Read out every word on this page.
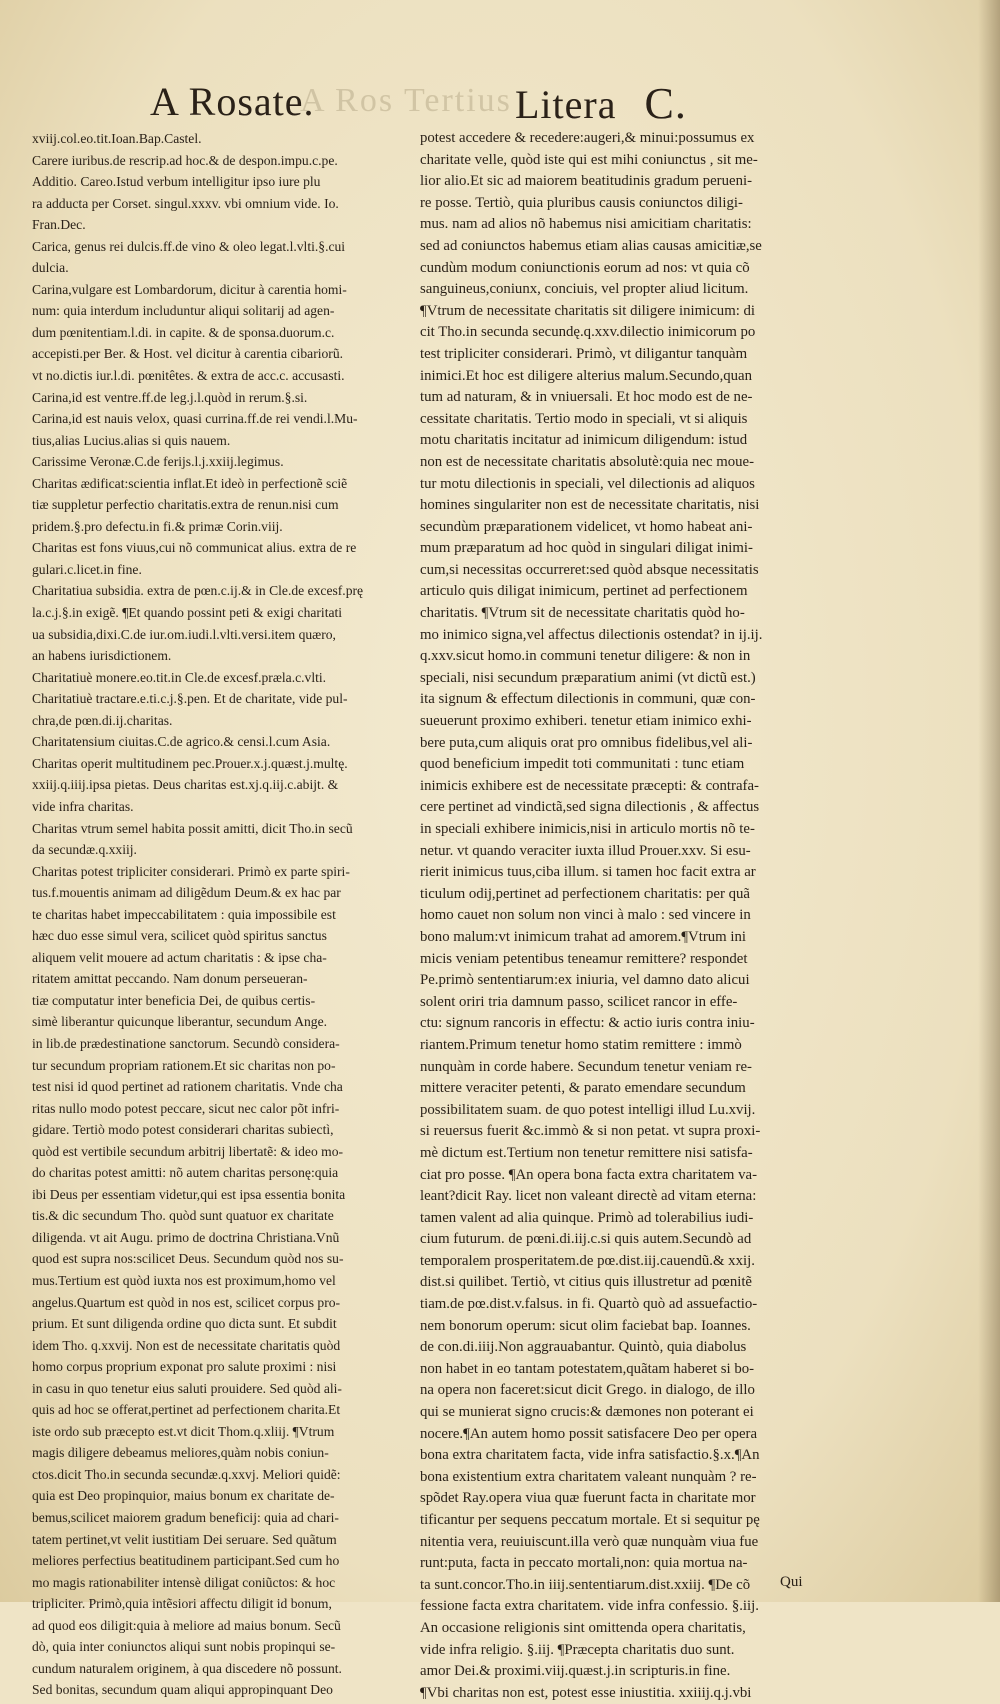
A Rosate.
A Ros Tertius Litera C.
xviij.col.eo.tit.Ioan.Bap.Castel.
Carere iuribus.de rescrip.ad hoc.& de despon.impu.c.pe.
Additio. Careo.Istud verbum intelligitur ipso iure plu
ra adducta per Corset. singul.xxxv. vbi omnium vide. Io.
Fran.Dec.
Carica, genus rei dulcis.ff.de vino & oleo legat.l.vlti.§.cui
dulcia.
Carina,vulgare est Lombardorum, dicitur à carentia homi-
num: quia interdum includuntur aliqui solitarij ad agen-
dum pœnitentiam.l.di. in capite. & de sponsa.duorum.c.
accepisti.per Ber. & Host. vel dicitur à carentia cibariorũ.
vt no.dictis iur.l.di. pœnitêtes. & extra de acc.c. accusasti.
Carina,id est ventre.ff.de leg.j.l.quòd in rerum.§.si.
Carina,id est nauis velox, quasi currina.ff.de rei vendi.l.Mu-
tius,alias Lucius.alias si quis nauem.
Carissime Veronæ.C.de ferijs.l.j.xxiij.legimus.
Charitas ædificat:scientia inflat.Et ideò in perfectionẽ sciẽ
tiæ suppletur perfectio charitatis.extra de renun.nisi cum
pridem.§.pro defectu.in fi.& primæ Corin.viij.
Charitas est fons viuus,cui nõ communicat alius. extra de re
gulari.c.licet.in fine.
Charitatiua subsidia. extra de pœn.c.ij.& in Cle.de excesf.prę
la.c.j.§.in exigẽ. ¶Et quando possint peti & exigi charitati
ua subsidia,dixi.C.de iur.om.iudi.l.vlti.versi.item quæro,
an habens iurisdictionem.
Charitatiuè monere.eo.tit.in Cle.de excesf.præla.c.vlti.
Charitatiuè tractare.e.ti.c.j.§.pen. Et de charitate, vide pul-
chra,de pœn.di.ij.charitas.
Charitatensium ciuitas.C.de agrico.& censi.l.cum Asia.
Charitas operit multitudinem pec.Prouer.x.j.quæst.j.multę.
xxiij.q.iiij.ipsa pietas. Deus charitas est.xj.q.iij.c.abijt. &
vide infra charitas.
Charitas vtrum semel habita possit amitti, dicit Tho.in secũ
da secundæ.q.xxiij.
Charitas potest tripliciter considerari. Primò ex parte spiri-
tus.f.mouentis animam ad diligẽdum Deum.& ex hac par
te charitas habet impeccabilitatem : quia impossibile est
hæc duo esse simul vera, scilicet quòd spiritus sanctus
aliquem velit mouere ad actum charitatis : & ipse cha-
ritatem amittat peccando. Nam donum perseueran-
tiæ computatur inter beneficia Dei, de quibus certis-
simè liberantur quicunque liberantur, secundum Ange.
in lib.de prædestinatione sanctorum. Secundò considera-
tur secundum propriam rationem.Et sic charitas non po-
test nisi id quod pertinet ad rationem charitatis. Vnde cha
ritas nullo modo potest peccare, sicut nec calor põt infri-
gidare. Tertiò modo potest considerari charitas subiectì,
quòd est vertibile secundum arbitrij libertatẽ: & ideo mo-
do charitas potest amitti: nõ autem charitas personę:quia
ibi Deus per essentiam videtur,qui est ipsa essentia bonita
tis.& dic secundum Tho. quòd sunt quatuor ex charitate
diligenda. vt ait Augu. primo de doctrina Christiana.Vnũ
quod est supra nos:scilicet Deus. Secundum quòd nos su-
mus.Tertium est quòd iuxta nos est proximum,homo vel
angelus.Quartum est quòd in nos est, scilicet corpus pro-
prium. Et sunt diligenda ordine quo dicta sunt. Et subdit
idem Tho. q.xxvij. Non est de necessitate charitatis quòd
homo corpus proprium exponat pro salute proximi : nisi
in casu in quo tenetur eius saluti prouidere. Sed quòd ali-
quis ad hoc se offerat,pertinet ad perfectionem charita.Et
iste ordo sub præcepto est.vt dicit Thom.q.xliij. ¶Vtrum
magis diligere debeamus meliores,quàm nobis coniun-
ctos.dicit Tho.in secunda secundæ.q.xxvj. Meliori quidẽ:
quia est Deo propinquior, maius bonum ex charitate de-
bemus,scilicet maiorem gradum beneficij: quia ad chari-
tatem pertinet,vt velit iustitiam Dei seruare. Sed quãtum
meliores perfectius beatitudinem participant.Sed cum ho
mo magis rationabiliter intensè diligat coniũctos: & hoc
tripliciter. Primò,quia intẽsiori affectu diligit id bonum,
ad quod eos diligit:quia à meliore ad maius bonum. Secũ
dò, quia inter coniunctos aliqui sunt nobis propinqui se-
cundum naturalem originem, à qua discedere nõ possunt.
Sed bonitas, secundum quam aliqui appropinquant Deo
potest accedere & recedere:augeri,& minui:possumus ex
charitate velle, quòd iste qui est mihi coniunctus , sit me-
lior alio.Et sic ad maiorem beatitudinis gradum perueni-
re posse. Tertiò, quia pluribus causis coniunctos diligi-
mus. nam ad alios nõ habemus nisi amicitiam charitatis:
sed ad coniunctos habemus etiam alias causas amicitiæ,se
cundùm modum coniunctionis eorum ad nos: vt quia cõ
sanguineus,coniunx, conciuis, vel propter aliud licitum.
¶Vtrum de necessitate charitatis sit diligere inimicum: di
cit Tho.in secunda secundę.q.xxv.dilectio inimicorum po
test tripliciter considerari. Primò, vt diligantur tanquàm
inimici.Et hoc est diligere alterius malum.Secundo,quan
tum ad naturam, & in vniuersali. Et hoc modo est de ne-
cessitate charitatis. Tertio modo in speciali, vt si aliquis
motu charitatis incitatur ad inimicum diligendum: istud
non est de necessitate charitatis absolutè:quia nec moue-
tur motu dilectionis in speciali, vel dilectionis ad aliquos
homines singulariter non est de necessitate charitatis, nisi
secundùm præparationem videlicet, vt homo habeat ani-
mum præparatum ad hoc quòd in singulari diligat inimi-
cum,si necessitas occurreret:sed quòd absque necessitatis
articulo quis diligat inimicum, pertinet ad perfectionem
charitatis. ¶Vtrum sit de necessitate charitatis quòd ho-
mo inimico signa,vel affectus dilectionis ostendat? in ij.ij.
q.xxv.sicut homo.in communi tenetur diligere: & non in
speciali, nisi secundum præparatium animi (vt dictũ est.)
ita signum & effectum dilectionis in communi, quæ con-
sueuerunt proximo exhiberi. tenetur etiam inimico exhi-
bere puta,cum aliquis orat pro omnibus fidelibus,vel ali-
quod beneficium impedit toti communitati : tunc etiam
inimicis exhibere est de necessitate præcepti: & contrafa-
cere pertinet ad vindictã,sed signa dilectionis , & affectus
in speciali exhibere inimicis,nisi in articulo mortis nõ te-
netur. vt quando veraciter iuxta illud Prouer.xxv. Si esu-
rierit inimicus tuus,ciba illum. si tamen hoc facit extra ar
ticulum odij,pertinet ad perfectionem charitatis: per quã
homo cauet non solum non vinci à malo : sed vincere in
bono malum:vt inimicum trahat ad amorem.¶Vtrum ini
micis veniam petentibus teneamur remittere? respondet
Pe.primò sententiarum:ex iniuria, vel damno dato alicui
solent oriri tria damnum passo, scilicet rancor in effe-
ctu: signum rancoris in effectu: & actio iuris contra iniu-
riantem.Primum tenetur homo statim remittere : immò
nunquàm in corde habere. Secundum tenetur veniam re-
mittere veraciter petenti, & parato emendare secundum
possibilitatem suam. de quo potest intelligi illud Lu.xvij.
si reuersus fuerit &c.immò & si non petat. vt supra proxi-
mè dictum est.Tertium non tenetur remittere nisi satisfa-
ciat pro posse. ¶An opera bona facta extra charitatem va-
leant?dicit Ray. licet non valeant directè ad vitam eterna:
tamen valent ad alia quinque. Primò ad tolerabilius iudi-
cium futurum. de pœni.di.iij.c.si quis autem.Secundò ad
temporalem prosperitatem.de pœ.dist.iij.cauendũ.& xxij.
dist.si quilibet. Tertiò, vt citius quis illustretur ad pœnitẽ
tiam.de pœ.dist.v.falsus. in fi. Quartò quò ad assuefactio-
nem bonorum operum: sicut olim faciebat bap. Ioannes.
de con.di.iiij.Non aggrauabantur. Quintò, quia diabolus
non habet in eo tantam potestatem,quãtam haberet si bo-
na opera non faceret:sicut dicit Grego. in dialogo, de illo
qui se munierat signo crucis:& dæmones non poterant ei
nocere.¶An autem homo possit satisfacere Deo per opera
bona extra charitatem facta, vide infra satisfactio.§.x.¶An
bona existentium extra charitatem valeant nunquàm ? re-
spõdet Ray.opera viua quæ fuerunt facta in charitate mor
tificantur per sequens peccatum mortale. Et si sequitur pę
nitentia vera, reuiuiscunt.illa verò quæ nunquàm viua fue
runt:puta, facta in peccato mortali,non: quia mortua na-
ta sunt.concor.Tho.in iiij.sententiarum.dist.xxiij. ¶De cõ
fessione facta extra charitatem. vide infra confessio. §.iij.
An occasione religionis sint omittenda opera charitatis,
vide infra religio. §.iij. ¶Præcepta charitatis duo sunt.
amor Dei.& proximi.viij.quæst.j.in scripturis.in fine.
¶Vbi charitas non est, potest esse iniustitia. xxiiij.q.j.vbi
Qui
